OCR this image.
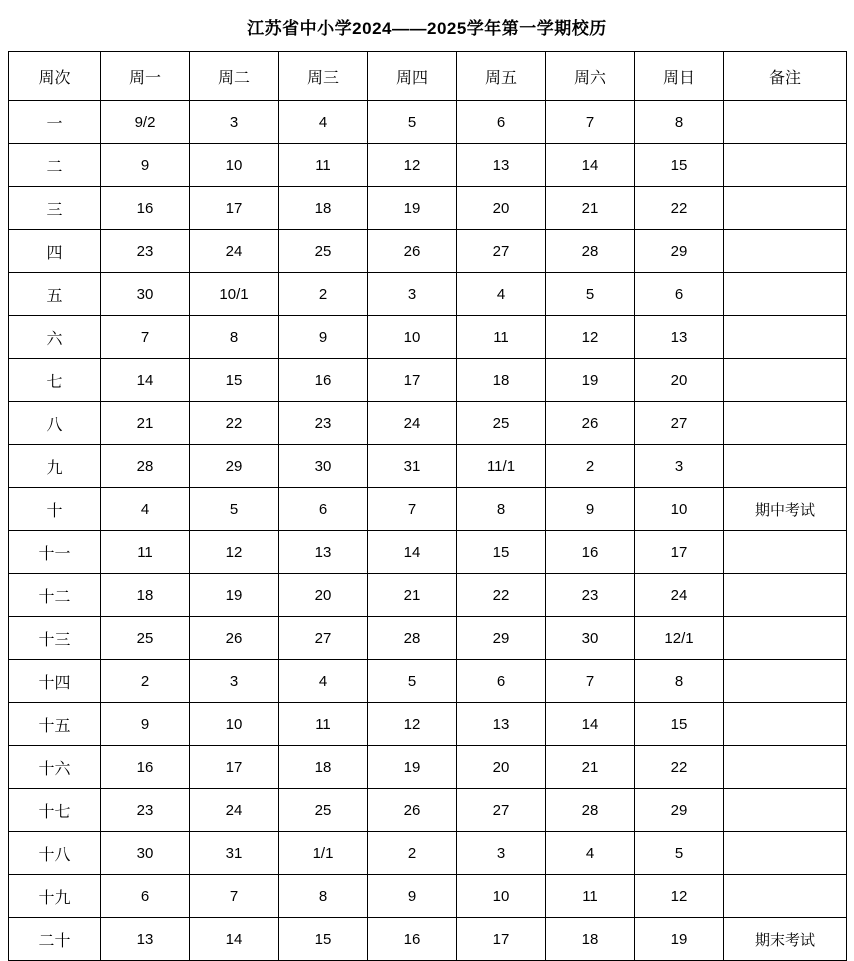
江苏省中小学2024——2025学年第一学期校历
周次	周一	周二	周三	周四	周五	周六	周日	备注
一	9/2	3	4	5	6	7	8	
二	9	10	11	12	13	14	15	
三	16	17	18	19	20	21	22	
四	23	24	25	26	27	28	29	
五	30	10/1	2	3	4	5	6	
六	7	8	9	10	11	12	13	
七	14	15	16	17	18	19	20	
八	21	22	23	24	25	26	27	
九	28	29	30	31	11/1	2	3	
十	4	5	6	7	8	9	10	期中考试
十一	11	12	13	14	15	16	17	
十二	18	19	20	21	22	23	24	
十三	25	26	27	28	29	30	12/1	
十四	2	3	4	5	6	7	8	
十五	9	10	11	12	13	14	15	
十六	16	17	18	19	20	21	22	
十七	23	24	25	26	27	28	29	
十八	30	31	1/1	2	3	4	5	
十九	6	7	8	9	10	11	12	
二十	13	14	15	16	17	18	19	期末考试
